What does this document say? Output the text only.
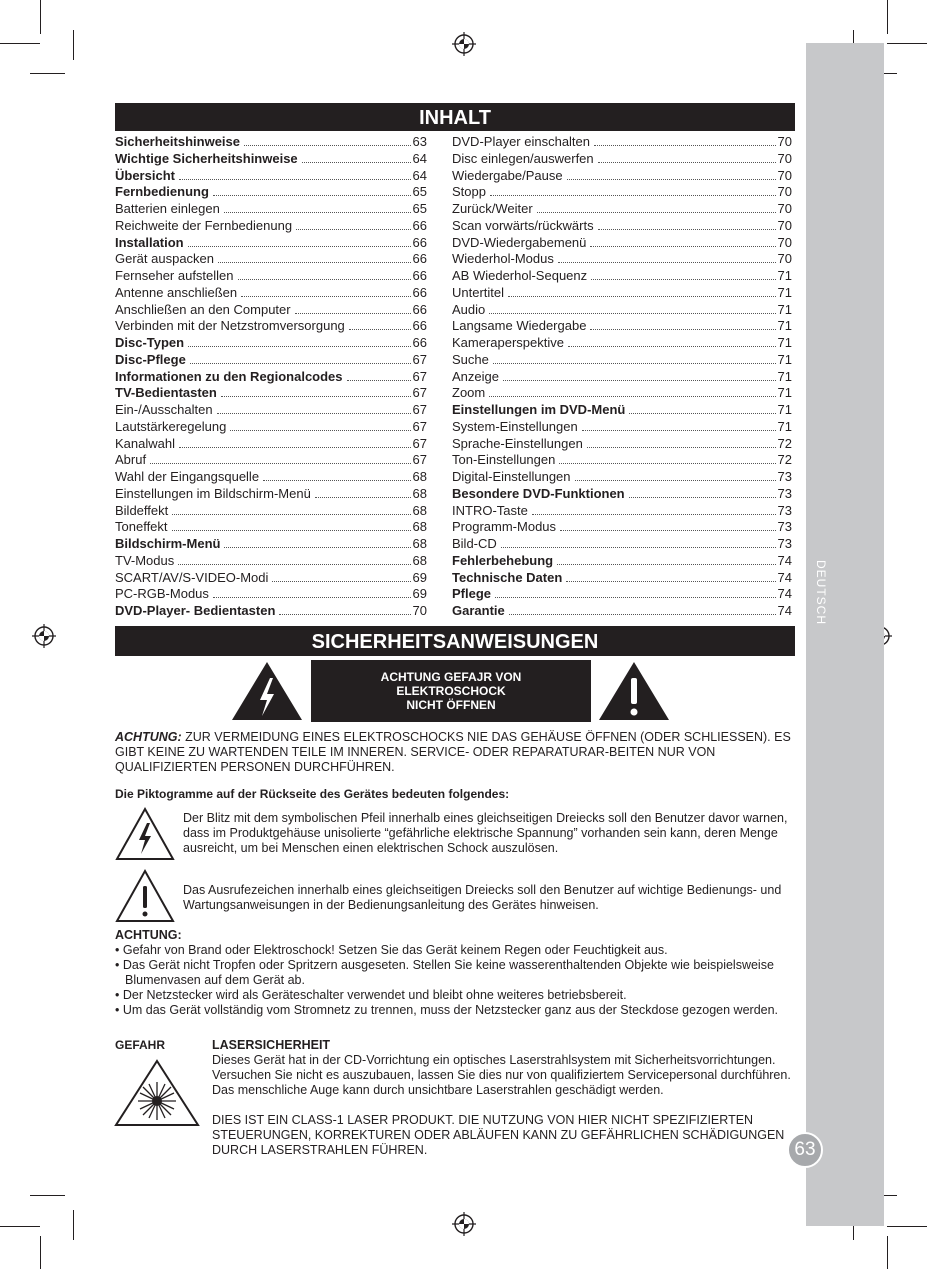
DEUTSCH
63
INHALT
Sicherheitshinweise	63
Wichtige Sicherheitshinweise	64
Übersicht	64
Fernbedienung	65
Batterien einlegen	65
Reichweite der Fernbedienung	66
Installation	66
Gerät auspacken	66
Fernseher aufstellen	66
Antenne anschließen	66
Anschließen an den Computer	66
Verbinden mit der Netzstromversorgung	66
Disc-Typen	66
Disc-Pflege	67
Informationen zu den Regionalcodes	67
TV-Bedientasten	67
Ein-/Ausschalten	67
Lautstärkeregelung	67
Kanalwahl	67
Abruf	67
Wahl der Eingangsquelle	68
Einstellungen im Bildschirm-Menü	68
Bildeffekt	68
Toneffekt	68
Bildschirm-Menü	68
TV-Modus	68
SCART/AV/S-VIDEO-Modi	69
PC-RGB-Modus	69
DVD-Player- Bedientasten	70
DVD-Player einschalten	70
Disc einlegen/auswerfen	70
Wiedergabe/Pause	70
Stopp	70
Zurück/Weiter	70
Scan vorwärts/rückwärts	70
DVD-Wiedergabemenü	70
Wiederhol-Modus	70
AB Wiederhol-Sequenz	71
Untertitel	71
Audio	71
Langsame Wiedergabe	71
Kameraperspektive	71
Suche	71
Anzeige	71
Zoom	71
Einstellungen im DVD-Menü	71
System-Einstellungen	71
Sprache-Einstellungen	72
Ton-Einstellungen	72
Digital-Einstellungen	73
Besondere DVD-Funktionen	73
INTRO-Taste	73
Programm-Modus	73
Bild-CD	73
Fehlerbehebung	74
Technische Daten	74
Pflege	74
Garantie	74
SICHERHEITSANWEISUNGEN
ACHTUNG GEFAJR VON
ELEKTROSCHOCK
NICHT ÖFFNEN
ACHTUNG: ZUR VERMEIDUNG EINES ELEKTROSCHOCKS NIE DAS GEHÄUSE ÖFFNEN (ODER SCHLIESSEN). ES GIBT KEINE ZU WARTENDEN TEILE IM INNEREN. SERVICE- ODER REPARATURAR-BEITEN NUR VON QUALIFIZIERTEN PERSONEN DURCHFÜHREN.
Die Piktogramme auf der Rückseite des Gerätes bedeuten folgendes:
Der Blitz mit dem symbolischen Pfeil innerhalb eines gleichseitigen Dreiecks soll den Benutzer davor warnen, dass im Produktgehäuse unisolierte “gefährliche elektrische Spannung” vorhanden sein kann, deren Menge ausreicht, um bei Menschen einen elektrischen Schock auszulösen.
Das Ausrufezeichen innerhalb eines gleichseitigen Dreiecks soll den Benutzer auf wichtige Bedienungs- und Wartungsanweisungen in der Bedienungsanleitung des Gerätes hinweisen.
ACHTUNG:
• Gefahr von Brand oder Elektroschock! Setzen Sie das Gerät keinem Regen oder Feuchtigkeit aus.
• Das Gerät nicht Tropfen oder Spritzern ausgeseten. Stellen Sie keine wasserenthaltenden Objekte wie beispielsweise Blumenvasen auf dem Gerät ab.
• Der Netzstecker wird als Geräteschalter verwendet und bleibt ohne weiteres betriebsbereit.
• Um das Gerät vollständig vom Stromnetz zu trennen, muss der Netzstecker ganz aus der Steckdose gezogen werden.
GEFAHR	LASERSICHERHEIT
Dieses Gerät hat in der CD-Vorrichtung ein optisches Laserstrahlsystem mit Sicherheitsvorrichtungen. Versuchen Sie nicht es auszubauen, lassen Sie dies nur von qualifiziertem Servicepersonal durchführen. Das menschliche Auge kann durch unsichtbare Laserstrahlen geschädigt werden.
DIES IST EIN CLASS-1 LASER PRODUKT. DIE NUTZUNG VON HIER NICHT SPEZIFIZIERTEN STEUERUNGEN, KORREKTUREN ODER ABLÄUFEN KANN ZU GEFÄHRLICHEN SCHÄDIGUNGEN DURCH LASERSTRAHLEN FÜHREN.
